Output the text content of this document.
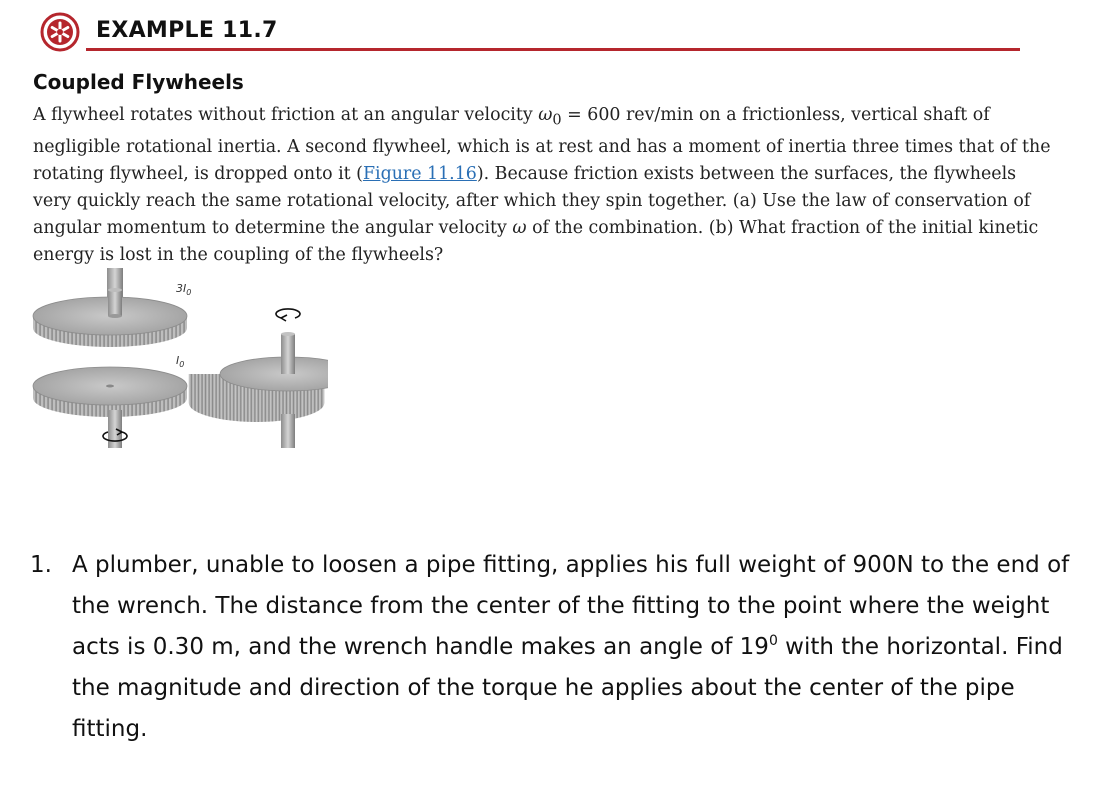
EXAMPLE 11.7
Coupled Flywheels
A flywheel rotates without friction at an angular velocity $\omega_0 = 600$ rev/min on a frictionless, vertical shaft of negligible rotational inertia. A second flywheel, which is at rest and has a moment of inertia three times that of the rotating flywheel, is dropped onto it (Figure 11.16). Because friction exists between the surfaces, the flywheels very quickly reach the same rotational velocity, after which they spin together. (a) Use the law of conservation of angular momentum to determine the angular velocity ω of the combination. (b) What fraction of the initial kinetic energy is lost in the coupling of the flywheels?
$3I_0$
$I_0$
1. A plumber, unable to loosen a pipe fitting, applies his full weight of 900N to the end of the wrench. The distance from the center of the fitting to the point where the weight acts is 0.30 m, and the wrench handle makes an angle of $19^0$ with the horizontal. Find the magnitude and direction of the torque he applies about the center of the pipe fitting.
